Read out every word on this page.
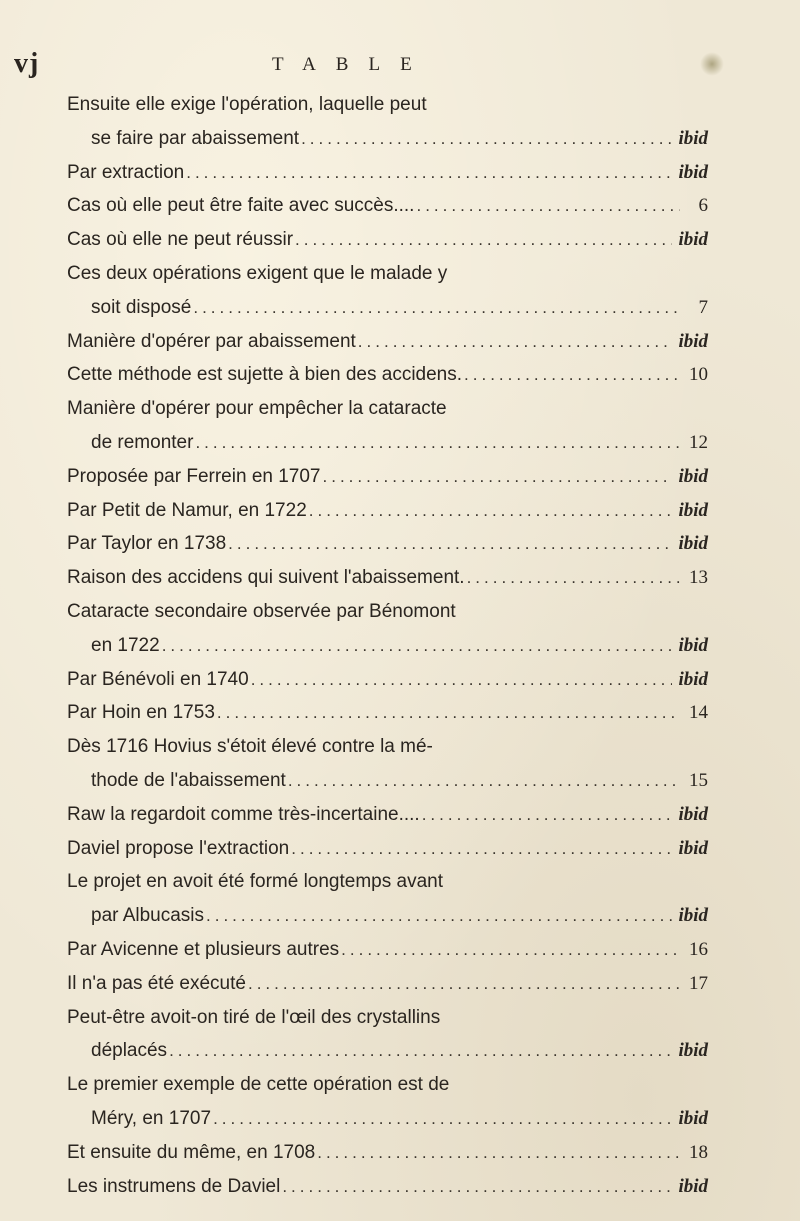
vj	TABLE
Ensuite elle exige l'opération, laquelle peut
se faire par abaissement .....	ibid
Par extraction .....	ibid
Cas où elle peut être faite avec succès.... .....	6
Cas où elle ne peut réussir .....	ibid
Ces deux opérations exigent que le malade y
soit disposé .....	7
Manière d'opérer par abaissement .....	ibid
Cette méthode est sujette à bien des accidens. .....	10
Manière d'opérer pour empêcher la cataracte
de remonter .....	12
Proposée par Ferrein en 1707 .....	ibid
Par Petit de Namur, en 1722 .....	ibid
Par Taylor en 1738 .....	ibid
Raison des accidens qui suivent l'abaissement. .....	13
Cataracte secondaire observée par Bénomont
en 1722 .....	ibid
Par Bénévoli en 1740 .....	ibid
Par Hoin en 1753 .....	14
Dès 1716 Hovius s'étoit élevé contre la mé-
thode de l'abaissement .....	15
Raw la regardoit comme très-incertaine.... .....	ibid
Daviel propose l'extraction .....	ibid
Le projet en avoit été formé longtemps avant
par Albucasis .....	ibid
Par Avicenne et plusieurs autres .....	16
Il n'a pas été exécuté .....	17
Peut-être avoit-on tiré de l'œil des crystallins
déplacés .....	ibid
Le premier exemple de cette opération est de
Méry, en 1707 .....	ibid
Et ensuite du même, en 1708 .....	18
Les instrumens de Daviel .....	ibid
